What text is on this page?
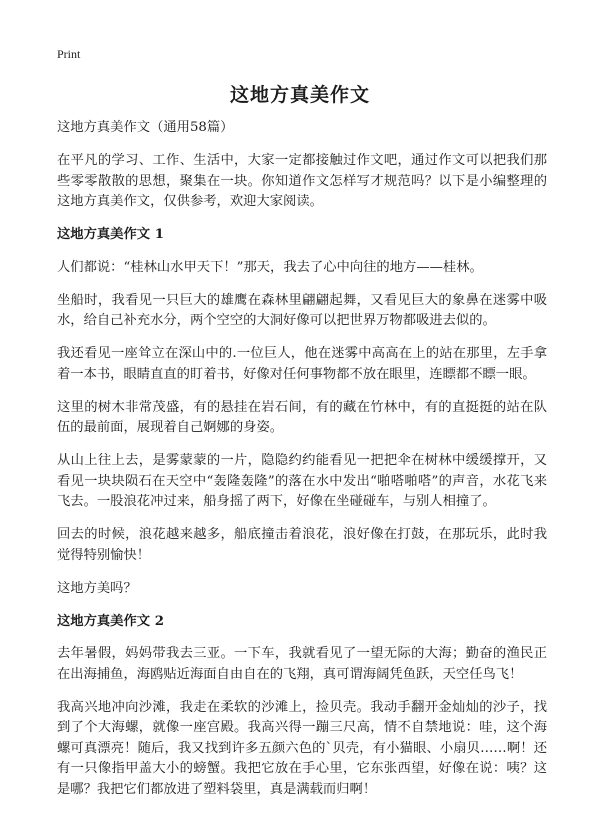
Print
这地方真美作文

这地方真美作文（通用58篇）

在平凡的学习、工作、生活中，大家一定都接触过作文吧，通过作文可以把我们那些零零散散的思想，聚集在一块。你知道作文怎样写才规范吗？以下是小编整理的这地方真美作文，仅供参考，欢迎大家阅读。

这地方真美作文 1

人们都说：“桂林山水甲天下！”那天，我去了心中向往的地方——桂林。

坐船时，我看见一只巨大的雄鹰在森林里翩翩起舞，又看见巨大的象鼻在迷雾中吸水，给自己补充水分，两个空空的大洞好像可以把世界万物都吸进去似的。

我还看见一座耸立在深山中的.一位巨人，他在迷雾中高高在上的站在那里，左手拿着一本书，眼睛直直的盯着书，好像对任何事物都不放在眼里，连瞟都不瞟一眼。

这里的树木非常茂盛，有的悬挂在岩石间，有的藏在竹林中，有的直挺挺的站在队伍的最前面，展现着自己婀娜的身姿。

从山上往上去，是雾蒙蒙的一片，隐隐约约能看见一把把伞在树林中缓缓撑开，又看见一块块陨石在天空中“轰隆轰隆”的落在水中发出“啪嗒啪嗒”的声音，水花飞来飞去。一股浪花冲过来，船身摇了两下，好像在坐碰碰车，与别人相撞了。

回去的时候，浪花越来越多，船底撞击着浪花，浪好像在打鼓，在那玩乐，此时我觉得特别愉快！

这地方美吗？

这地方真美作文 2

去年暑假，妈妈带我去三亚。一下车，我就看见了一望无际的大海；勤奋的渔民正在出海捕鱼，海鸥贴近海面自由自在的飞翔，真可谓海阔凭鱼跃，天空任鸟飞！

我高兴地冲向沙滩，我走在柔软的沙滩上，捡贝壳。我动手翻开金灿灿的沙子，找到了个大海螺，就像一座宫殿。我高兴得一蹦三尺高，情不自禁地说：哇，这个海螺可真漂亮！随后，我又找到许多五颜六色的`贝壳，有小猫眼、小扇贝……啊！还有一只像指甲盖大小的螃蟹。我把它放在手心里，它东张西望，好像在说：咦？这是哪？我把它们都放进了塑料袋里，真是满载而归啊！
